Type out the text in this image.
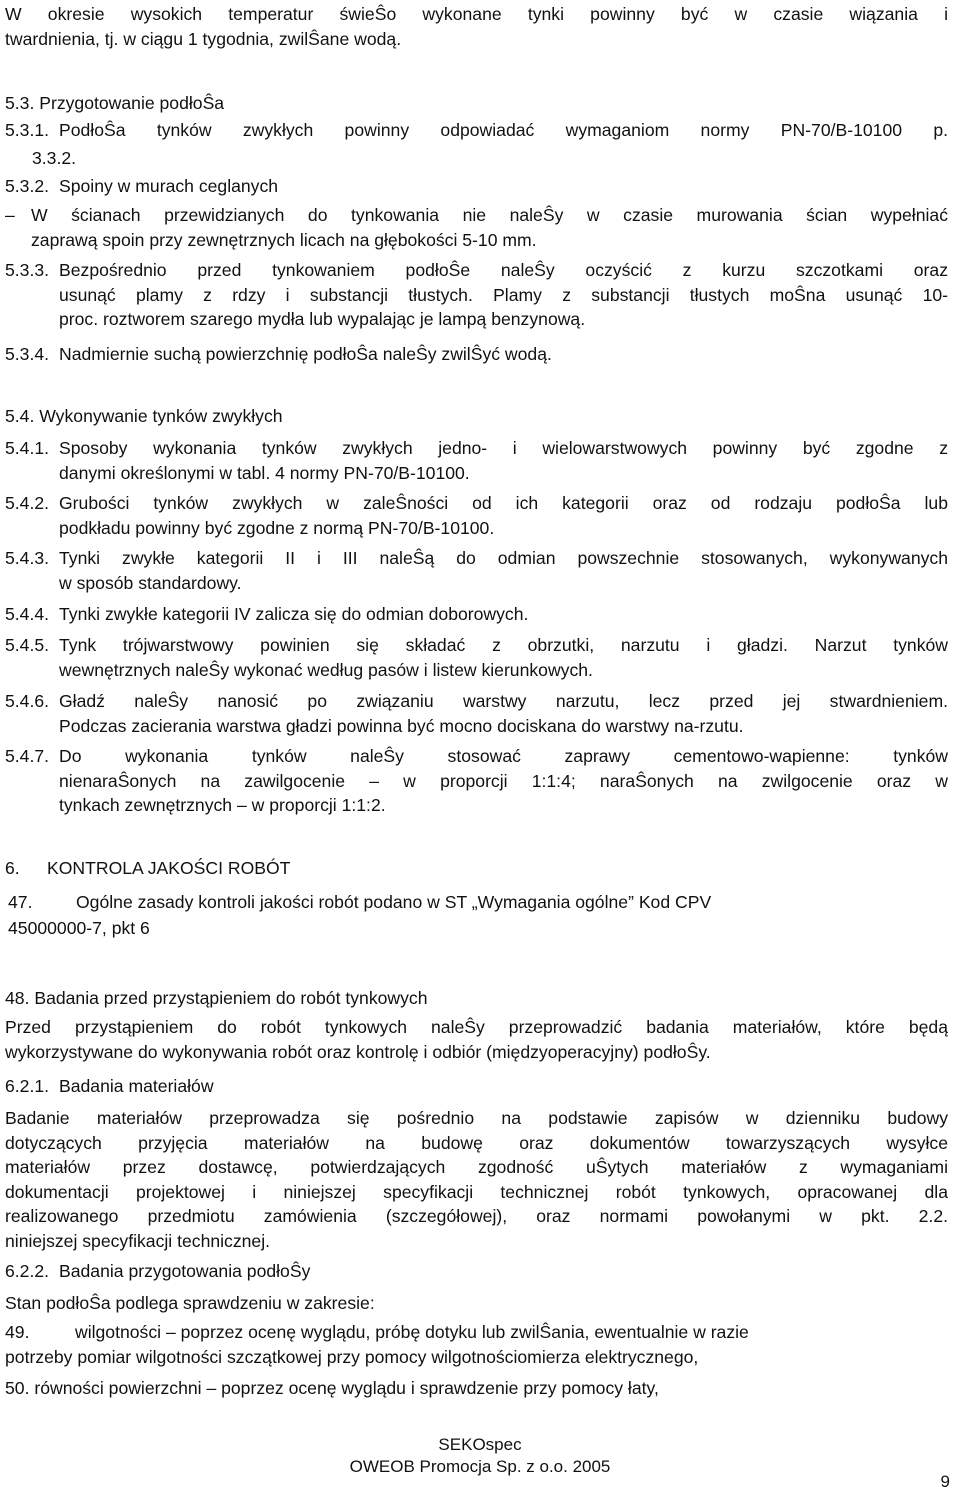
W okresie wysokich temperatur świeŜo wykonane tynki powinny być w czasie wiązania i
twardnienia, tj. w ciągu 1 tygodnia, zwilŜane wodą.
5.3. Przygotowanie podłoŜa
5.3.1. PodłoŜa tynków zwykłych powinny odpowiadać wymaganiom normy PN-70/B-10100 p.
3.3.2.
5.3.2. Spoiny w murach ceglanych
– W ścianach przewidzianych do tynkowania nie naleŜy w czasie murowania ścian wypełniać
zaprawą spoin przy zewnętrznych licach na głębokości 5-10 mm.
5.3.3. Bezpośrednio przed tynkowaniem podłoŜe naleŜy oczyścić z kurzu szczotkami oraz
usunąć plamy z rdzy i substancji tłustych. Plamy z substancji tłustych moŜna usunąć 10-
proc. roztworem szarego mydła lub wypalając je lampą benzynową.
5.3.4. Nadmiernie suchą powierzchnię podłoŜa naleŜy zwilŜyć wodą.
5.4. Wykonywanie tynków zwykłych
5.4.1. Sposoby wykonania tynków zwykłych jedno- i wielowarstwowych powinny być zgodne z
danymi określonymi w tabl. 4 normy PN-70/B-10100.
5.4.2. Grubości tynków zwykłych w zaleŜności od ich kategorii oraz od rodzaju podłoŜa lub
podkładu powinny być zgodne z normą PN-70/B-10100.
5.4.3. Tynki zwykłe kategorii II i III naleŜą do odmian powszechnie stosowanych, wykonywanych
w sposób standardowy.
5.4.4. Tynki zwykłe kategorii IV zalicza się do odmian doborowych.
5.4.5. Tynk trójwarstwowy powinien się składać z obrzutki, narzutu i gładzi. Narzut tynków
wewnętrznych naleŜy wykonać według pasów i listew kierunkowych.
5.4.6. Gładź naleŜy nanosić po związaniu warstwy narzutu, lecz przed jej stwardnieniem.
Podczas zacierania warstwa gładzi powinna być mocno dociskana do warstwy na-rzutu.
5.4.7. Do wykonania tynków naleŜy stosować zaprawy cementowo-wapienne: tynków
nienaraŜonych na zawilgocenie – w proporcji 1:1:4; naraŜonych na zwilgocenie oraz w
tynkach zewnętrznych – w proporcji 1:1:2.
6. KONTROLA JAKOŚCI ROBÓT
47. Ogólne zasady kontroli jakości robót podano w ST „Wymagania ogólne” Kod CPV
45000000-7, pkt 6
48. Badania przed przystąpieniem do robót tynkowych
Przed przystąpieniem do robót tynkowych naleŜy przeprowadzić badania materiałów, które będą
wykorzystywane do wykonywania robót oraz kontrolę i odbiór (międzyoperacyjny) podłoŜy.
6.2.1. Badania materiałów
Badanie materiałów przeprowadza się pośrednio na podstawie zapisów w dzienniku budowy
dotyczących przyjęcia materiałów na budowę oraz dokumentów towarzyszących wysyłce
materiałów przez dostawcę, potwierdzających zgodność uŜytych materiałów z wymaganiami
dokumentacji projektowej i niniejszej specyfikacji technicznej robót tynkowych, opracowanej dla
realizowanego przedmiotu zamówienia (szczegółowej), oraz normami powołanymi w pkt. 2.2.
niniejszej specyfikacji technicznej.
6.2.2. Badania przygotowania podłoŜy
Stan podłoŜa podlega sprawdzeniu w zakresie:
49.	wilgotności – poprzez ocenę wyglądu, próbę dotyku lub zwilŜania, ewentualnie w razie
potrzeby pomiar wilgotności szczątkowej przy pomocy wilgotnościomierza elektrycznego,
50. równości powierzchni – poprzez ocenę wyglądu i sprawdzenie przy pomocy łaty,
SEKOspec
OWEOB Promocja Sp. z o.o. 2005
9
